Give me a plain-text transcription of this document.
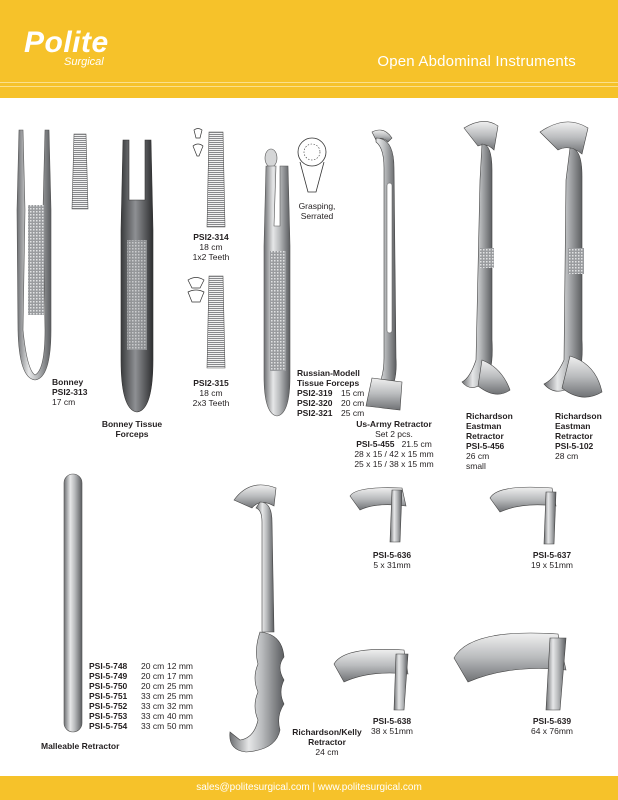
Polite
Surgical	Open Abdominal Instruments
Bonney
PSI2-313
17 cm
Bonney Tissue
Forceps
PSI2-314
18 cm
1x2 Teeth
PSI2-315
18 cm
2x3 Teeth
Grasping,
Serrated
Russian-Modell
Tissue Forceps
PSI2-319	15 cm
PSI2-320	20 cm
PSI2-321	25 cm
Us-Army Retractor
Set 2 pcs.
PSI-5-455 21.5 cm
28 x 15 / 42 x 15 mm
25 x 15 / 38 x 15 mm
Richardson
Eastman
Retractor
PSI-5-456
26 cm
small
Richardson
Eastman
Retractor
PSI-5-102
28 cm
PSI-5-748	20 cm 12 mm
PSI-5-749	20 cm 17 mm
PSI-5-750	20 cm 25 mm
PSI-5-751	33 cm 25 mm
PSI-5-752	33 cm 32 mm
PSI-5-753	33 cm 40 mm
PSI-5-754	33 cm 50 mm
Malleable Retractor
Richardson/Kelly
Retractor
24 cm
PSI-5-636
5 x 31mm
PSI-5-637
19 x 51mm
PSI-5-638
38 x 51mm
PSI-5-639
64 x 76mm
sales@politesurgical.com | www.politesurgical.com
